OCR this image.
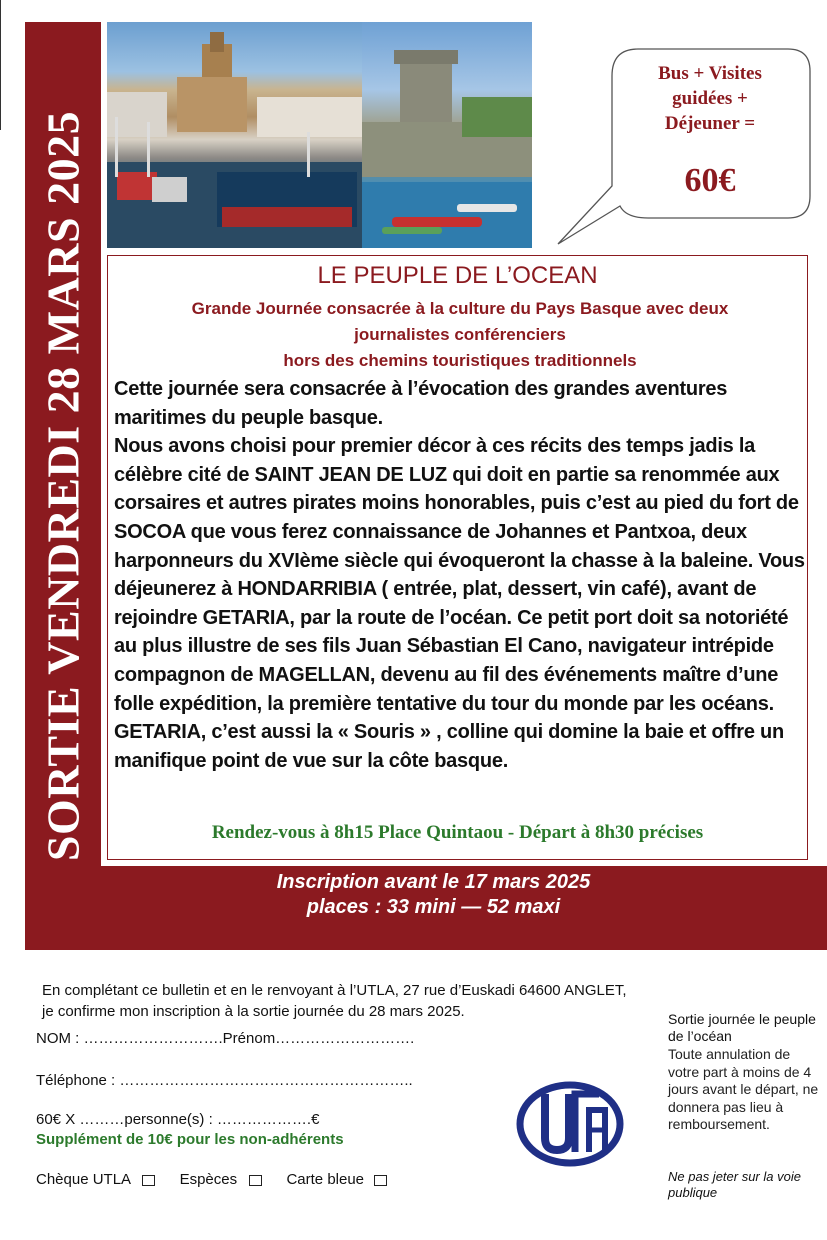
Bus + Visites
guidées +
Déjeuner =
60€
LE PEUPLE DE L’OCEAN
Grande Journée consacrée à la culture du Pays Basque avec deux
journalistes conférenciers
hors des chemins touristiques traditionnels
Cette journée sera consacrée à l’évocation des grandes aventures maritimes du peuple basque.
Nous avons choisi pour premier décor à ces récits des temps jadis la célèbre cité de SAINT JEAN DE LUZ qui doit en partie sa renommée aux corsaires et autres pirates moins honorables, puis c’est au pied du fort de SOCOA que vous ferez connaissance de Johannes et Pantxoa, deux harponneurs du XVIème siècle qui évoqueront la chasse à la baleine. Vous déjeunerez à HONDARRIBIA ( entrée, plat, dessert, vin café), avant de rejoindre GETARIA, par la route de l’océan. Ce petit port doit sa notoriété au plus illustre de ses fils Juan Sébastian El Cano, navigateur intrépide compagnon de MAGELLAN, devenu au fil des événements maître d’une folle expédition, la première tentative du tour du monde par les océans. GETARIA, c’est aussi la « Souris » , colline qui domine la baie et offre un manifique point de vue sur la côte basque.
Rendez-vous à 8h15 Place Quintaou - Départ à 8h30 précises
SORTIE VENDREDI 28 MARS 2025
Inscription avant le 17 mars 2025
places : 33 mini — 52 maxi
En complétant ce bulletin et en le renvoyant à l’UTLA, 27 rue d’Euskadi 64600 ANGLET,
je confirme mon inscription à la sortie journée du 28 mars 2025.
NOM : ……………………….Prénom……………………….
Téléphone : …………………………………………………..
60€ X ………personne(s) : ……………….€
Supplément de 10€ pour les non-adhérents
Chèque UTLA	Espèces	Carte bleue
Sortie journée le peuple de l’océan
Toute annulation de votre part à moins de 4 jours avant le départ, ne donnera pas lieu à remboursement.
Ne pas jeter sur la voie publique
